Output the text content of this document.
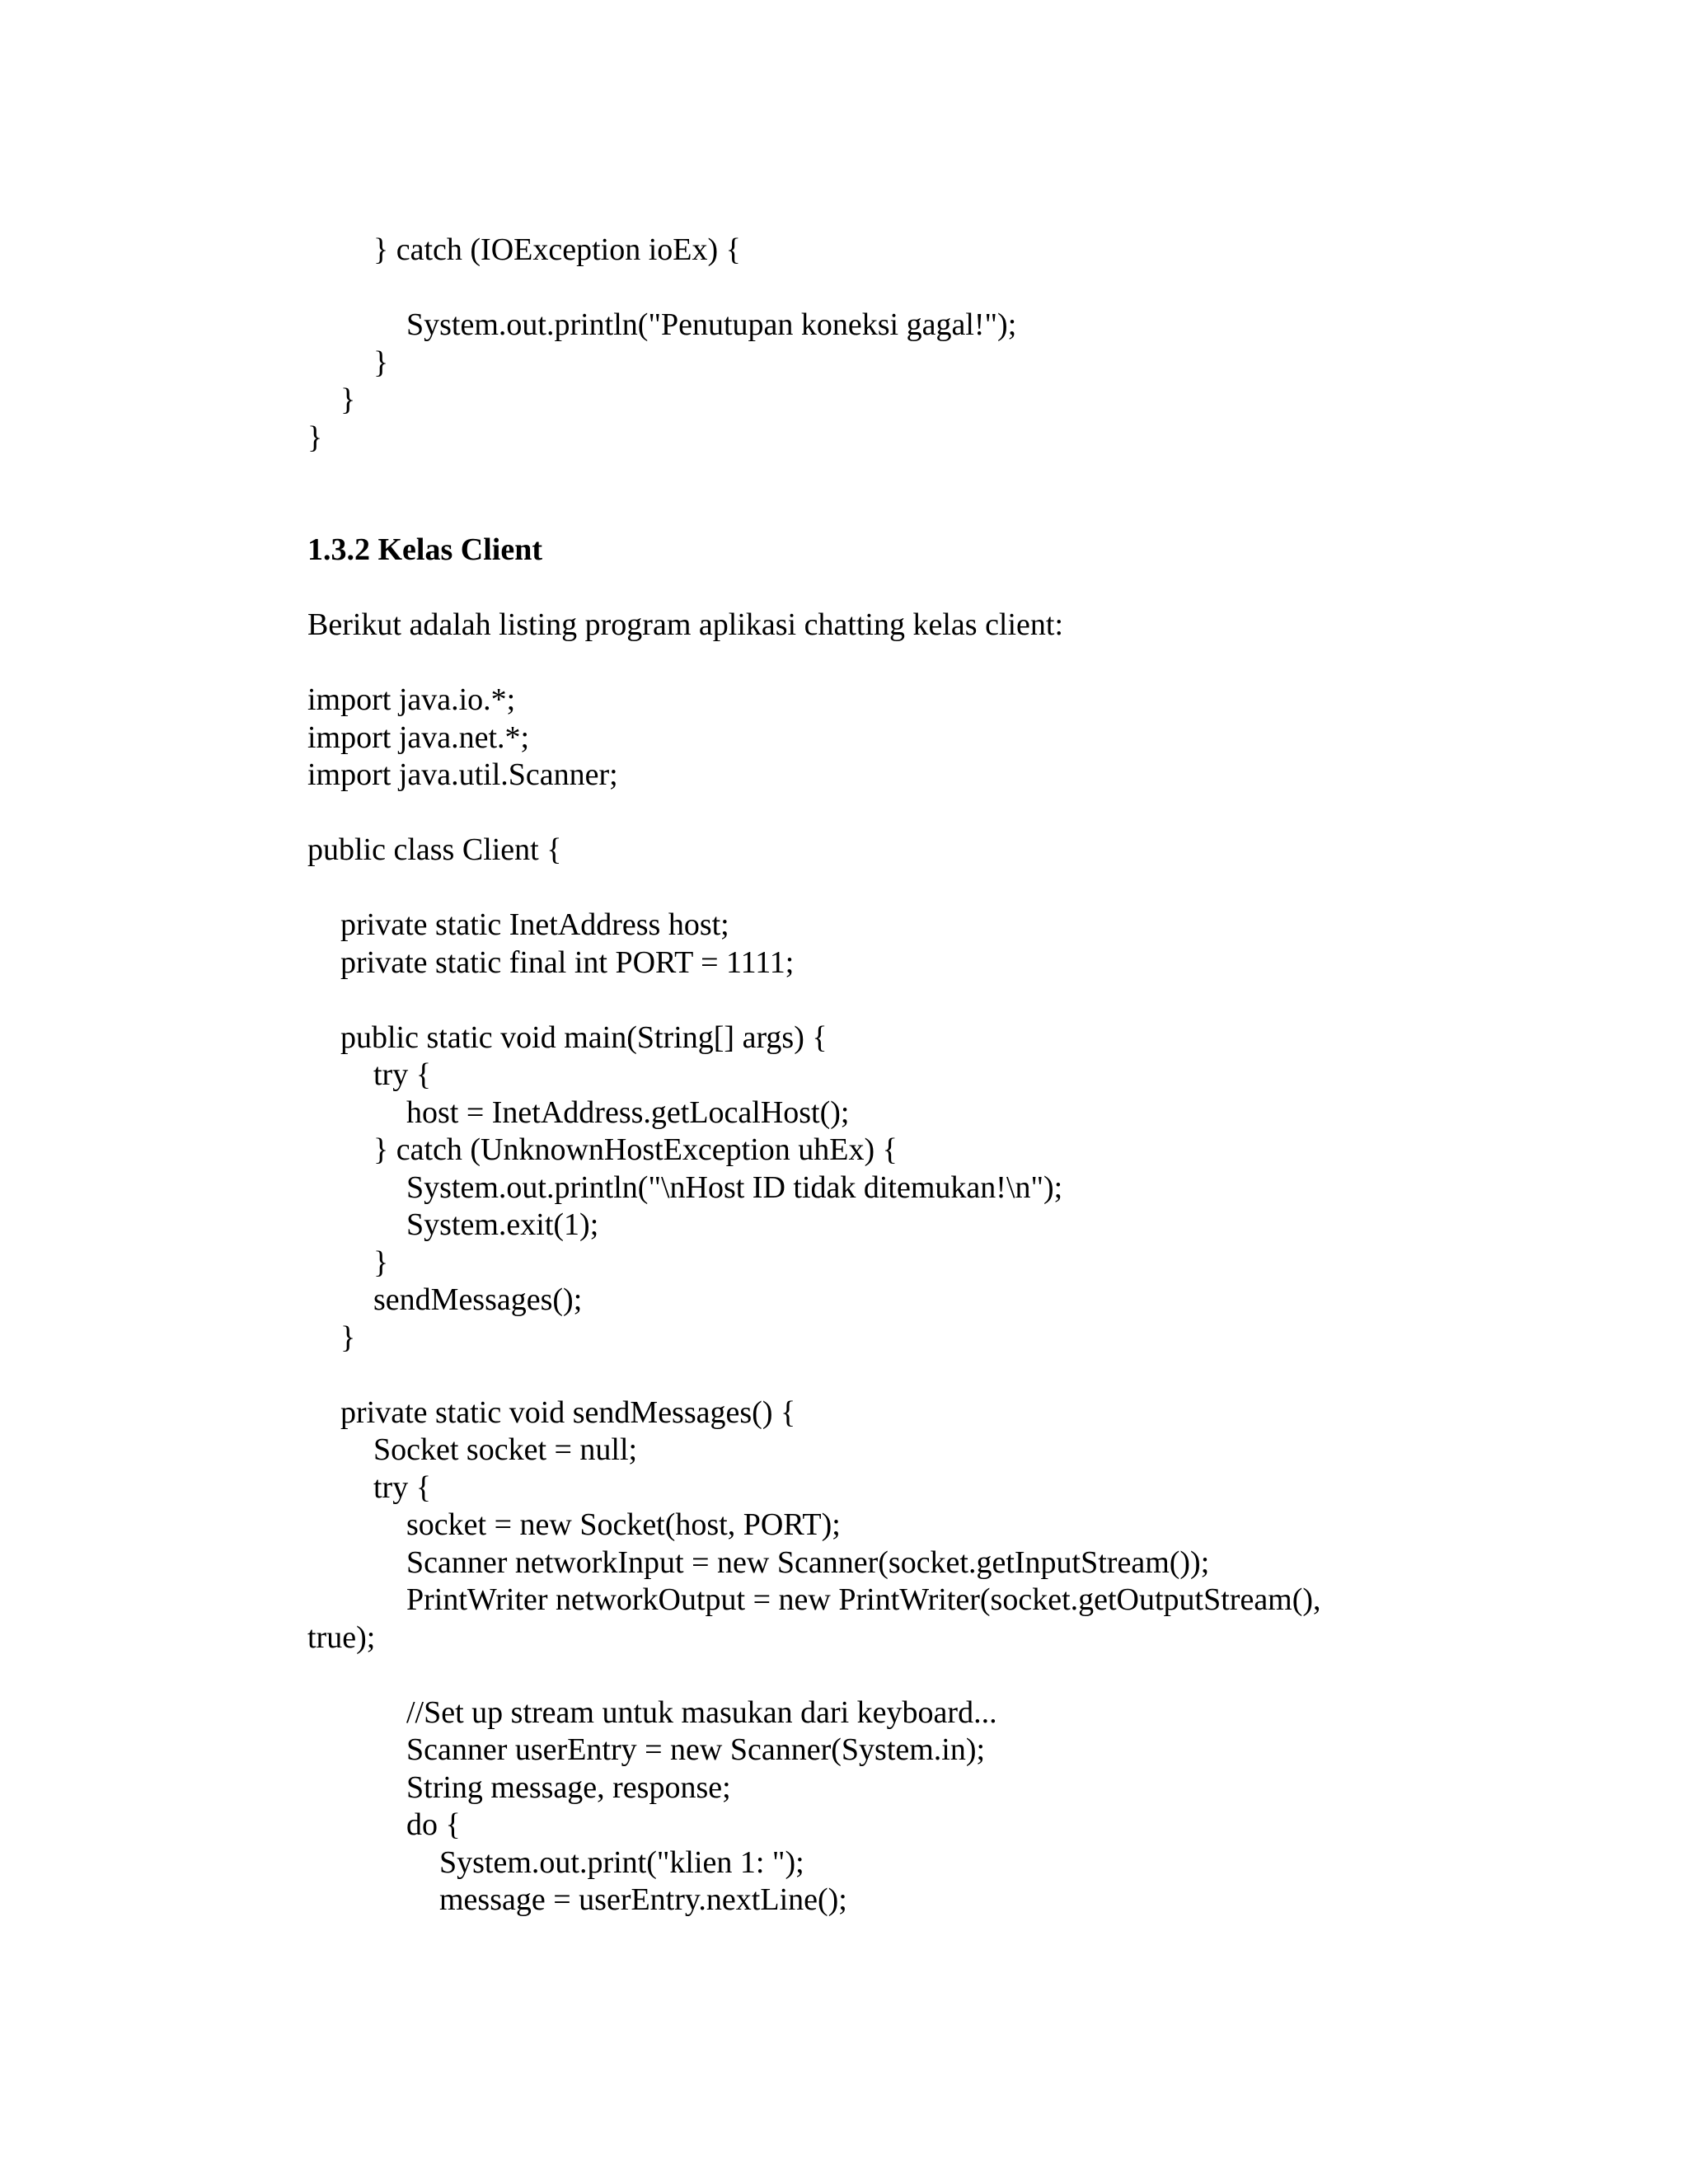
} catch (IOException ioEx) {
System.out.println("Penutupan koneksi gagal!");
}
}
}
1.3.2 Kelas Client
Berikut adalah listing program aplikasi chatting kelas client:
import java.io.*;
import java.net.*;
import java.util.Scanner;
public class Client {
private static InetAddress host;
private static final int PORT = 1111;
public static void main(String[] args) {
try {
host = InetAddress.getLocalHost();
} catch (UnknownHostException uhEx) {
System.out.println("\nHost ID tidak ditemukan!\n");
System.exit(1);
}
sendMessages();
}
private static void sendMessages() {
Socket socket = null;
try {
socket = new Socket(host, PORT);
Scanner networkInput = new Scanner(socket.getInputStream());
PrintWriter networkOutput = new PrintWriter(socket.getOutputStream(),
true);
//Set up stream untuk masukan dari keyboard...
Scanner userEntry = new Scanner(System.in);
String message, response;
do {
System.out.print("klien 1: ");
message = userEntry.nextLine();
